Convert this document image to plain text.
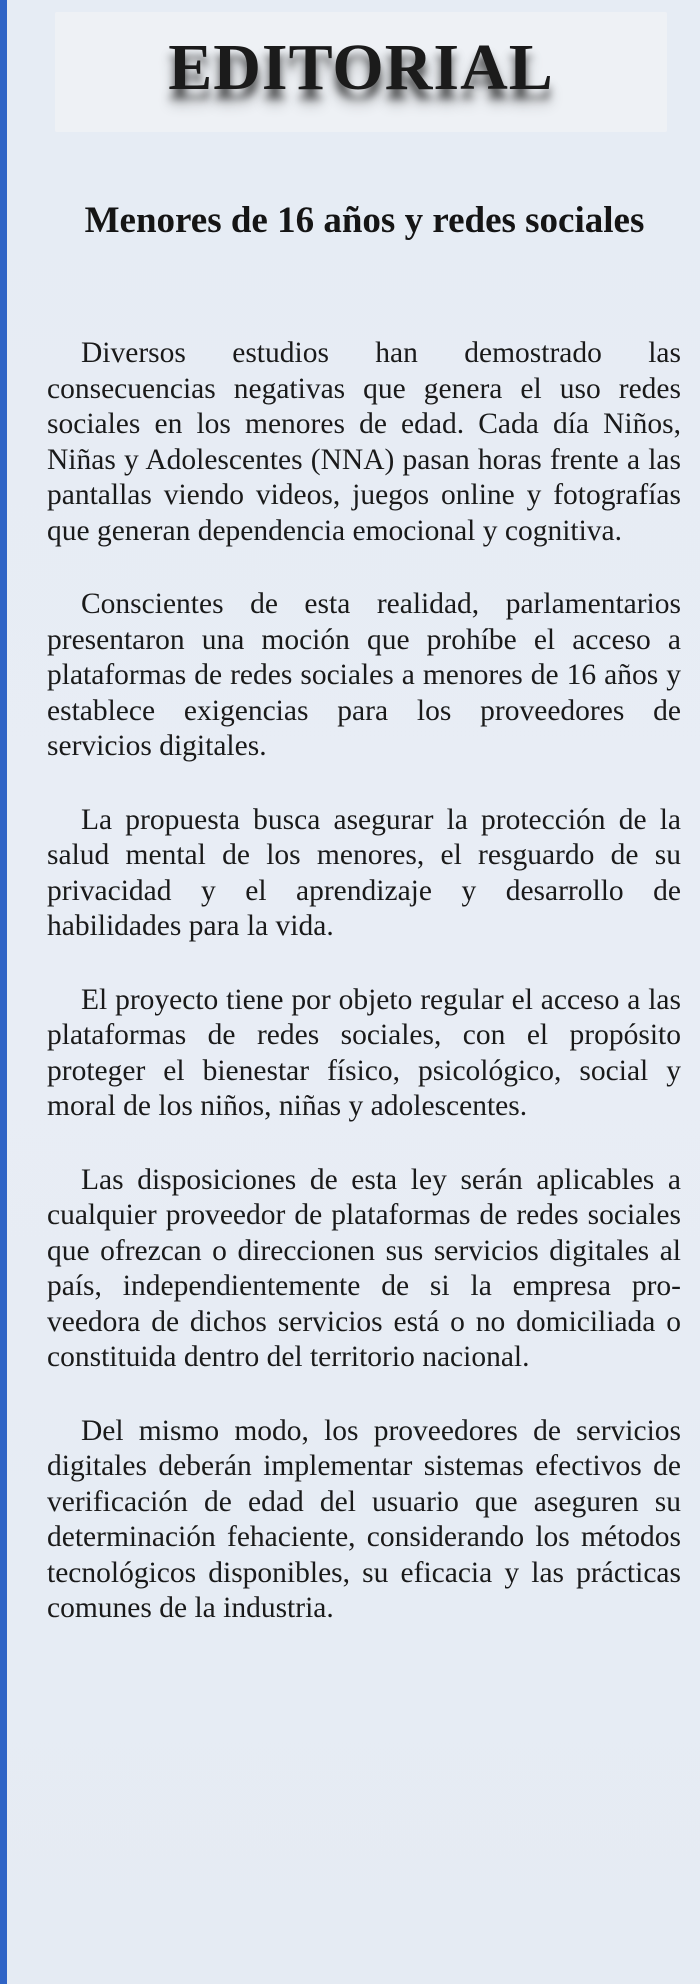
EDITORIAL
Menores de 16 años y redes sociales

Diversos estudios han demostrado las consecuencias negativas que genera el uso redes sociales en los menores de edad. Cada día Niños, Niñas y Adolescentes (NNA) pasan horas frente a las pantallas viendo videos, juegos online y fotografías que generan dependencia emocional y cognitiva.

Conscientes de esta realidad, parlamentarios presentaron una moción que prohíbe el acceso a plataformas de redes sociales a menores de 16 años y establece exigencias para los proveedores de servicios digitales.

La propuesta busca asegurar la protección de la salud mental de los menores, el resguardo de su privacidad y el aprendizaje y desarrollo de habilidades para la vida.

El proyecto tiene por objeto regular el acceso a las plataformas de redes sociales, con el propósito proteger el bienestar físico, psicológico, social y moral de los niños, niñas y adolescentes.

Las disposiciones de esta ley serán aplicables a cualquier proveedor de plataformas de redes sociales que ofrezcan o direccionen sus servicios digitales al país, independientemente de si la empresa proveedora de dichos servicios está o no domiciliada o constituida dentro del territorio nacional.

Del mismo modo, los proveedores de servicios digitales deberán implementar sistemas efectivos de verificación de edad del usuario que aseguren su determinación fehaciente, considerando los métodos tecnológicos disponibles, su eficacia y las prácticas comunes de la industria.
